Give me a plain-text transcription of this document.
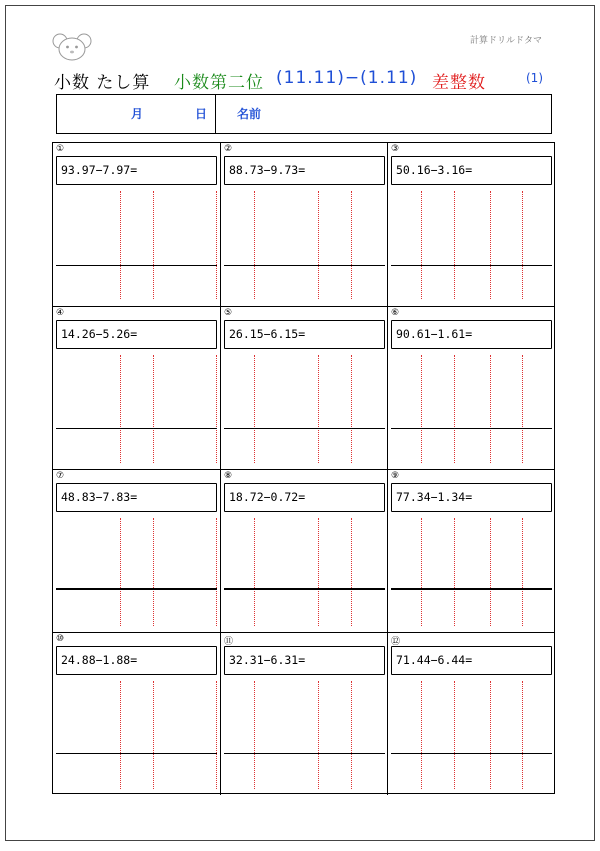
計算ドリルドタマ
小数 たし算 小数第二位 (11.11)−(1.11) 差整数	(1)
月	日 名前
①
93.97−7.97=
②
88.73−9.73=
③
50.16−3.16=
④
14.26−5.26=
⑤
26.15−6.15=
⑥
90.61−1.61=
⑦
48.83−7.83=
⑧
18.72−0.72=
⑨
77.34−1.34=
⑩
24.88−1.88=
⑪
32.31−6.31=
⑫
71.44−6.44=
